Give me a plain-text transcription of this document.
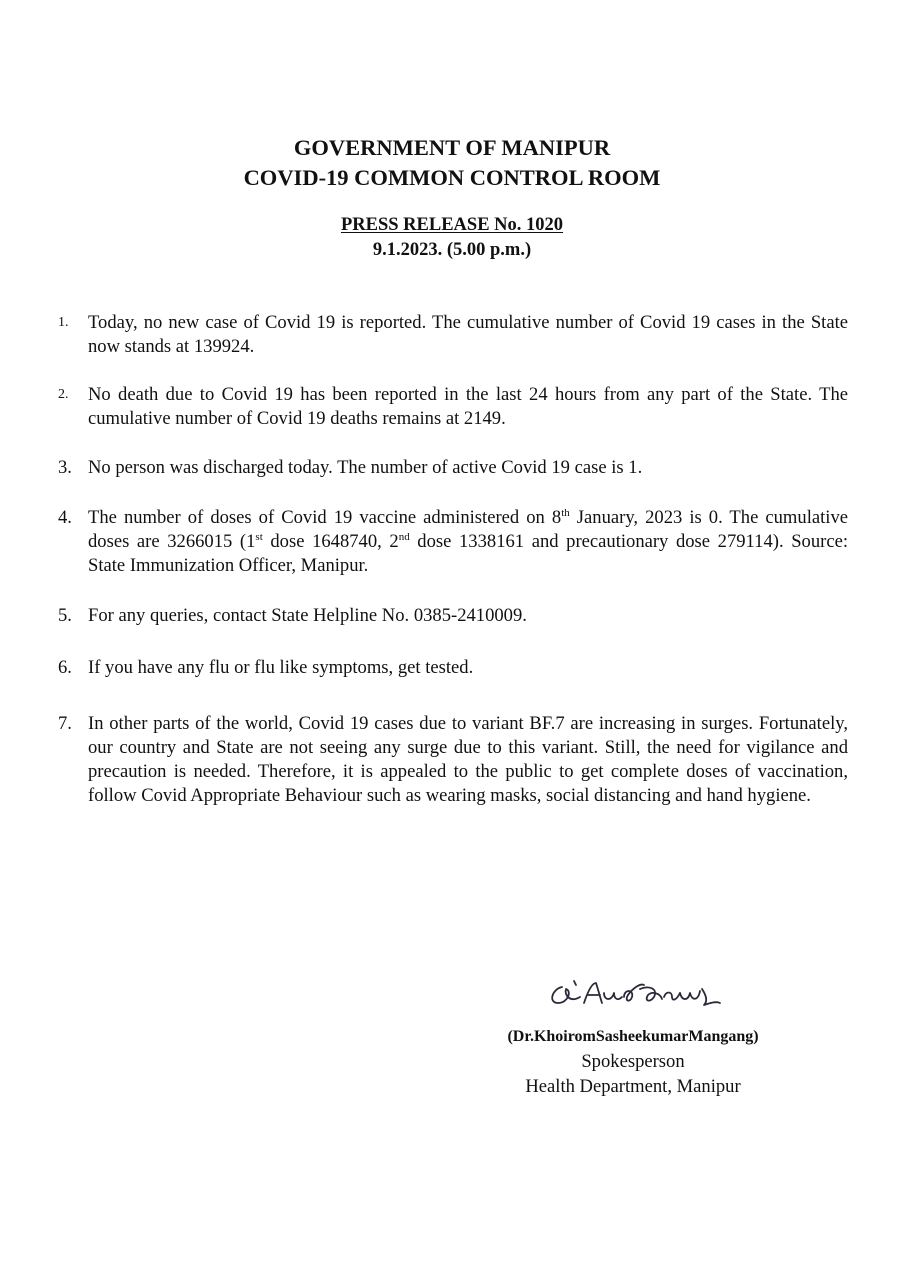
GOVERNMENT OF MANIPUR
COVID-19 COMMON CONTROL ROOM
PRESS RELEASE No. 1020
9.1.2023. (5.00 p.m.)
1.	Today, no new case of Covid 19 is reported. The cumulative number of Covid 19 cases in the State now stands at 139924.
2.	No death due to Covid 19 has been reported in the last 24 hours from any part of the State. The cumulative number of Covid 19 deaths remains at 2149.
3. No person was discharged today. The number of active Covid 19 case is 1.
4. The number of doses of Covid 19 vaccine administered on 8th January, 2023 is 0. The cumulative doses are 3266015 (1st dose 1648740, 2nd dose 1338161 and precautionary dose 279114). Source: State Immunization Officer, Manipur.
5. For any queries, contact State Helpline No. 0385-2410009.
6. If you have any flu or flu like symptoms, get tested.
7. In other parts of the world, Covid 19 cases due to variant BF.7 are increasing in surges. Fortunately, our country and State are not seeing any surge due to this variant. Still, the need for vigilance and precaution is needed. Therefore, it is appealed to the public to get complete doses of vaccination, follow Covid Appropriate Behaviour such as wearing masks, social distancing and hand hygiene.
(Dr.KhoiromSasheekumarMangang)
Spokesperson
Health Department, Manipur
